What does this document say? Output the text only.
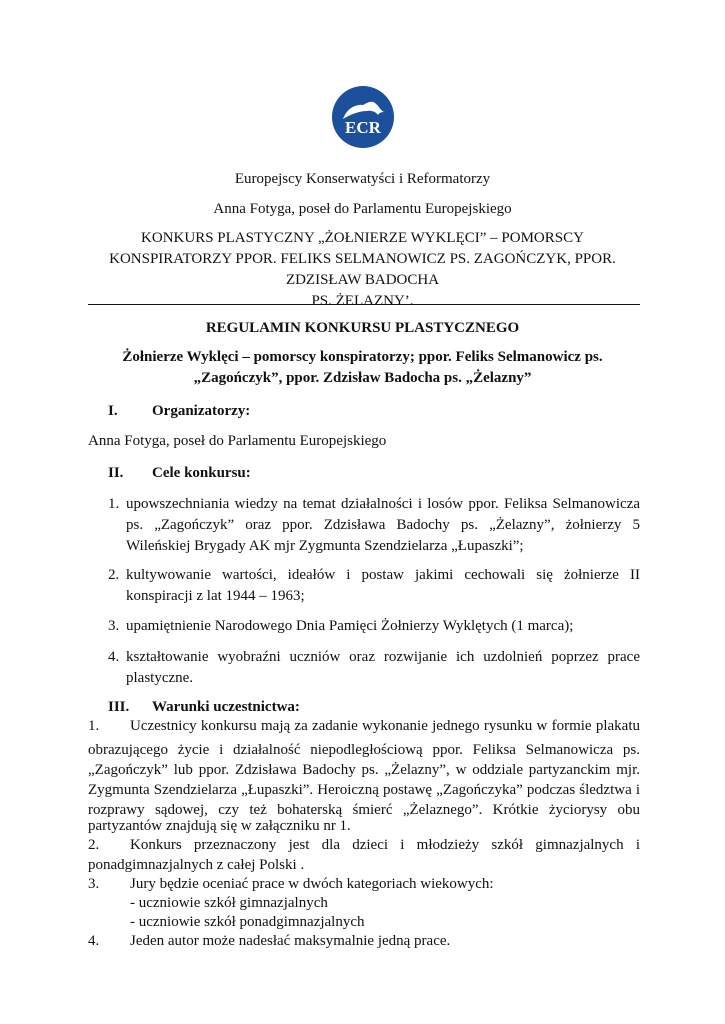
ECR
Europejscy Konserwatyści i Reformatorzy
Anna Fotyga, poseł do Parlamentu Europejskiego
KONKURS PLASTYCZNY „ŻOŁNIERZE WYKLĘCI” – POMORSCY
KONSPIRATORZY PPOR. FELIKS SELMANOWICZ PS. ZAGOŃCZYK, PPOR.
ZDZISŁAW BADOCHA
PS. ŻELAZNY’.
REGULAMIN KONKURSU PLASTYCZNEGO
Żołnierze Wyklęci – pomorscy konspiratorzy; ppor. Feliks Selmanowicz ps.
„Zagończyk”, ppor. Zdzisław Badocha ps. „Żelazny”
I. Organizatorzy:
Anna Fotyga, poseł do Parlamentu Europejskiego
II. Cele konkursu:
1. upowszechniania wiedzy na temat działalności i losów ppor. Feliksa Selmanowicza ps. „Zagończyk” oraz ppor. Zdzisława Badochy ps. „Żelazny”, żołnierzy 5 Wileńskiej Brygady AK mjr Zygmunta Szendzielarza „Łupaszki”;
2. kultywowanie wartości, ideałów i postaw jakimi cechowali się żołnierze II konspiracji z lat 1944 – 1963;
3. upamiętnienie Narodowego Dnia Pamięci Żołnierzy Wyklętych (1 marca);
4. kształtowanie wyobraźni uczniów oraz rozwijanie ich uzdolnień poprzez prace plastyczne.
III. Warunki uczestnictwa:
1. Uczestnicy konkursu mają za zadanie wykonanie jednego rysunku w formie plakatu
obrazującego życie i działalność niepodległościową ppor. Feliksa Selmanowicza ps. „Zagończyk” lub ppor. Zdzisława Badochy ps. „Żelazny”, w oddziale partyzanckim mjr. Zygmunta Szendzielarza „Łupaszki”. Heroiczną postawę „Zagończyka” podczas śledztwa i rozprawy sądowej, czy też bohaterską śmierć „Żelaznego”. Krótkie życiorysy obu
partyzantów znajdują się w załączniku nr 1.
2. Konkurs przeznaczony jest dla dzieci i młodzieży szkół gimnazjalnych i
ponadgimnazjalnych z całej Polski .
3. Jury będzie oceniać prace w dwóch kategoriach wiekowych:
- uczniowie szkół gimnazjalnych
- uczniowie szkół ponadgimnazjalnych
4. Jeden autor może nadesłać maksymalnie jedną prace.
